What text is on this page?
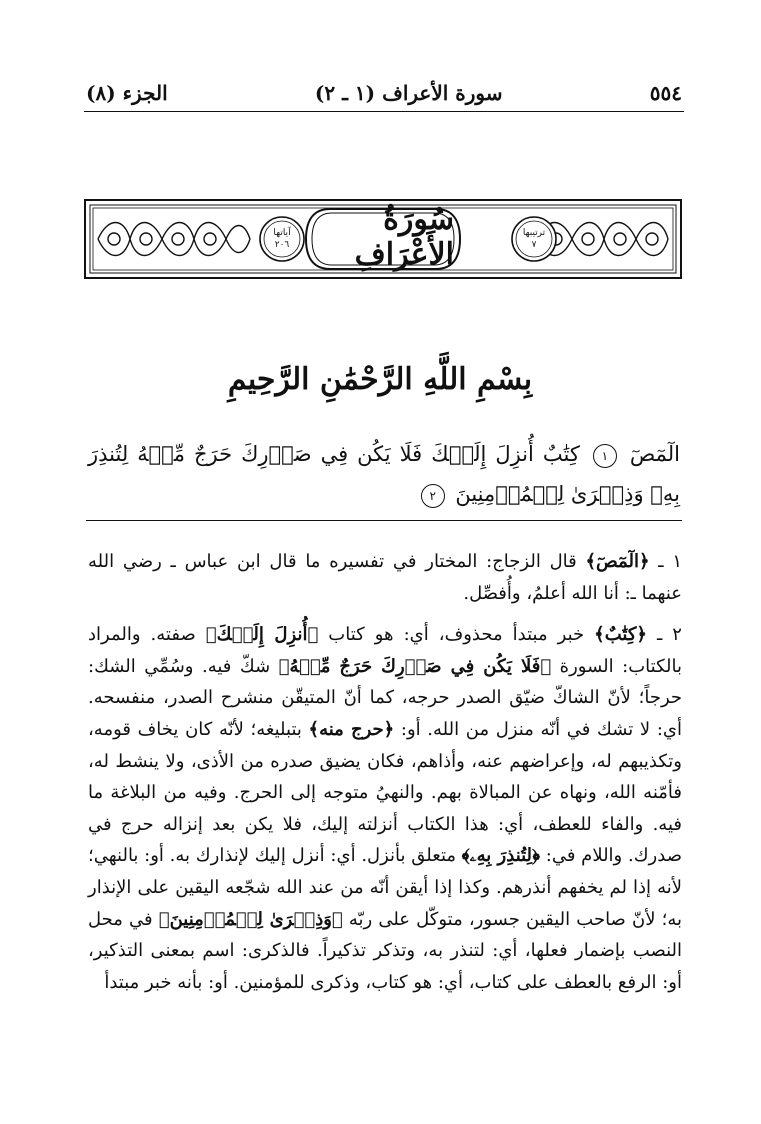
٥٥٤
سورة الأعراف (١ ـ ٢)
الجزء (٨)
سُورَةُ الأَعْرَافِ
ترتيبها
٧
آياتها
٢٠٦
بِسْمِ اللَّهِ الرَّحْمَٰنِ الرَّحِيمِ
الٓمٓصٓ ١ كِتَٰبٌ أُنزِلَ إِلَيۡكَ فَلَا يَكُن فِي صَدۡرِكَ حَرَجٌ مِّنۡهُ لِتُنذِرَ بِهِۦ وَذِكۡرَىٰ لِلۡمُؤۡمِنِينَ ٢

١ ـ ﴿الٓمٓصٓ﴾ قال الزجاج: المختار في تفسيره ما قال ابن عباس ـ رضي الله عنهما ـ: أنا الله أعلمُ، وأُفصِّل.

٢ ـ ﴿كِتَٰبٌ﴾ خبر مبتدأ محذوف، أي: هو كتاب ﴿أُنزِلَ إِلَيۡكَ﴾ صفته. والمراد بالكتاب: السورة ﴿فَلَا يَكُن فِي صَدۡرِكَ حَرَجٌ مِّنۡهُ﴾ شكّ فيه. وسُمِّي الشك: حرجاً؛ لأنّ الشاكّ ضيّق الصدر حرجه، كما أنّ المتيقّن منشرح الصدر، منفسحه. أي: لا تشك في أنّه منزل من الله. أو: ﴿حرج منه﴾ بتبليغه؛ لأنّه كان يخاف قومه، وتكذيبهم له، وإعراضهم عنه، وأذاهم، فكان يضيق صدره من الأذى، ولا ينشط له، فأمّنه الله، ونهاه عن المبالاة بهم. والنهيُ متوجه إلى الحرج. وفيه من البلاغة ما فيه. والفاء للعطف، أي: هذا الكتاب أنزلته إليك، فلا يكن بعد إنزاله حرج في صدرك. واللام في: ﴿لِتُنذِرَ بِهِۦ﴾ متعلق بأنزل. أي: أنزل إليك لإنذارك به. أو: بالنهي؛ لأنه إذا لم يخفهم أنذرهم. وكذا إذا أيقن أنّه من عند الله شجّعه اليقين على الإنذار به؛ لأنّ صاحب اليقين جسور، متوكّل على ربّه ﴿وَذِكۡرَىٰ لِلۡمُؤۡمِنِينَ﴾ في محل النصب بإضمار فعلها، أي: لتنذر به، وتذكر تذكيراً. فالذكرى: اسم بمعنى التذكير، أو: الرفع بالعطف على كتاب، أي: هو كتاب، وذكرى للمؤمنين. أو: بأنه خبر مبتدأ
